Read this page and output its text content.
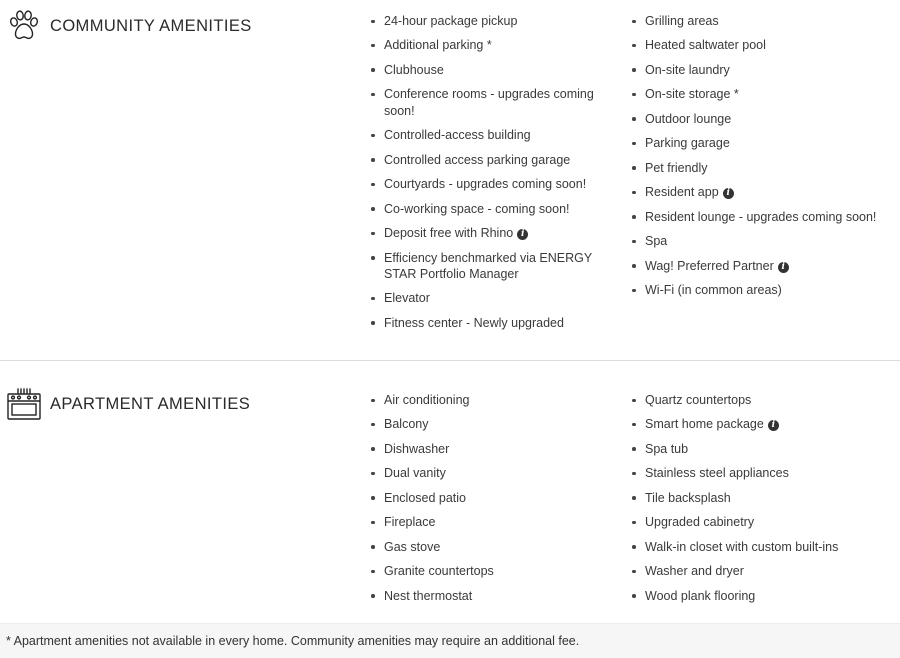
COMMUNITY AMENITIES	24-hour package pickup
Additional parking *
Clubhouse
Conference rooms - upgrades coming soon!
Controlled-access building
Controlled access parking garage
Courtyards - upgrades coming soon!
Co-working space - coming soon!
Deposit free with Rhino i
Efficiency benchmarked via ENERGY STAR Portfolio Manager
Elevator
Fitness center - Newly upgraded
Grilling areas
Heated saltwater pool
On-site laundry
On-site storage *
Outdoor lounge
Parking garage
Pet friendly
Resident app i
Resident lounge - upgrades coming soon!
Spa
Wag! Preferred Partner i
Wi-Fi (in common areas)
APARTMENT AMENITIES	Air conditioning
Balcony
Dishwasher
Dual vanity
Enclosed patio
Fireplace
Gas stove
Granite countertops
Nest thermostat
Quartz countertops
Smart home package i
Spa tub
Stainless steel appliances
Tile backsplash
Upgraded cabinetry
Walk-in closet with custom built-ins
Washer and dryer
Wood plank flooring
* Apartment amenities not available in every home. Community amenities may require an additional fee.
